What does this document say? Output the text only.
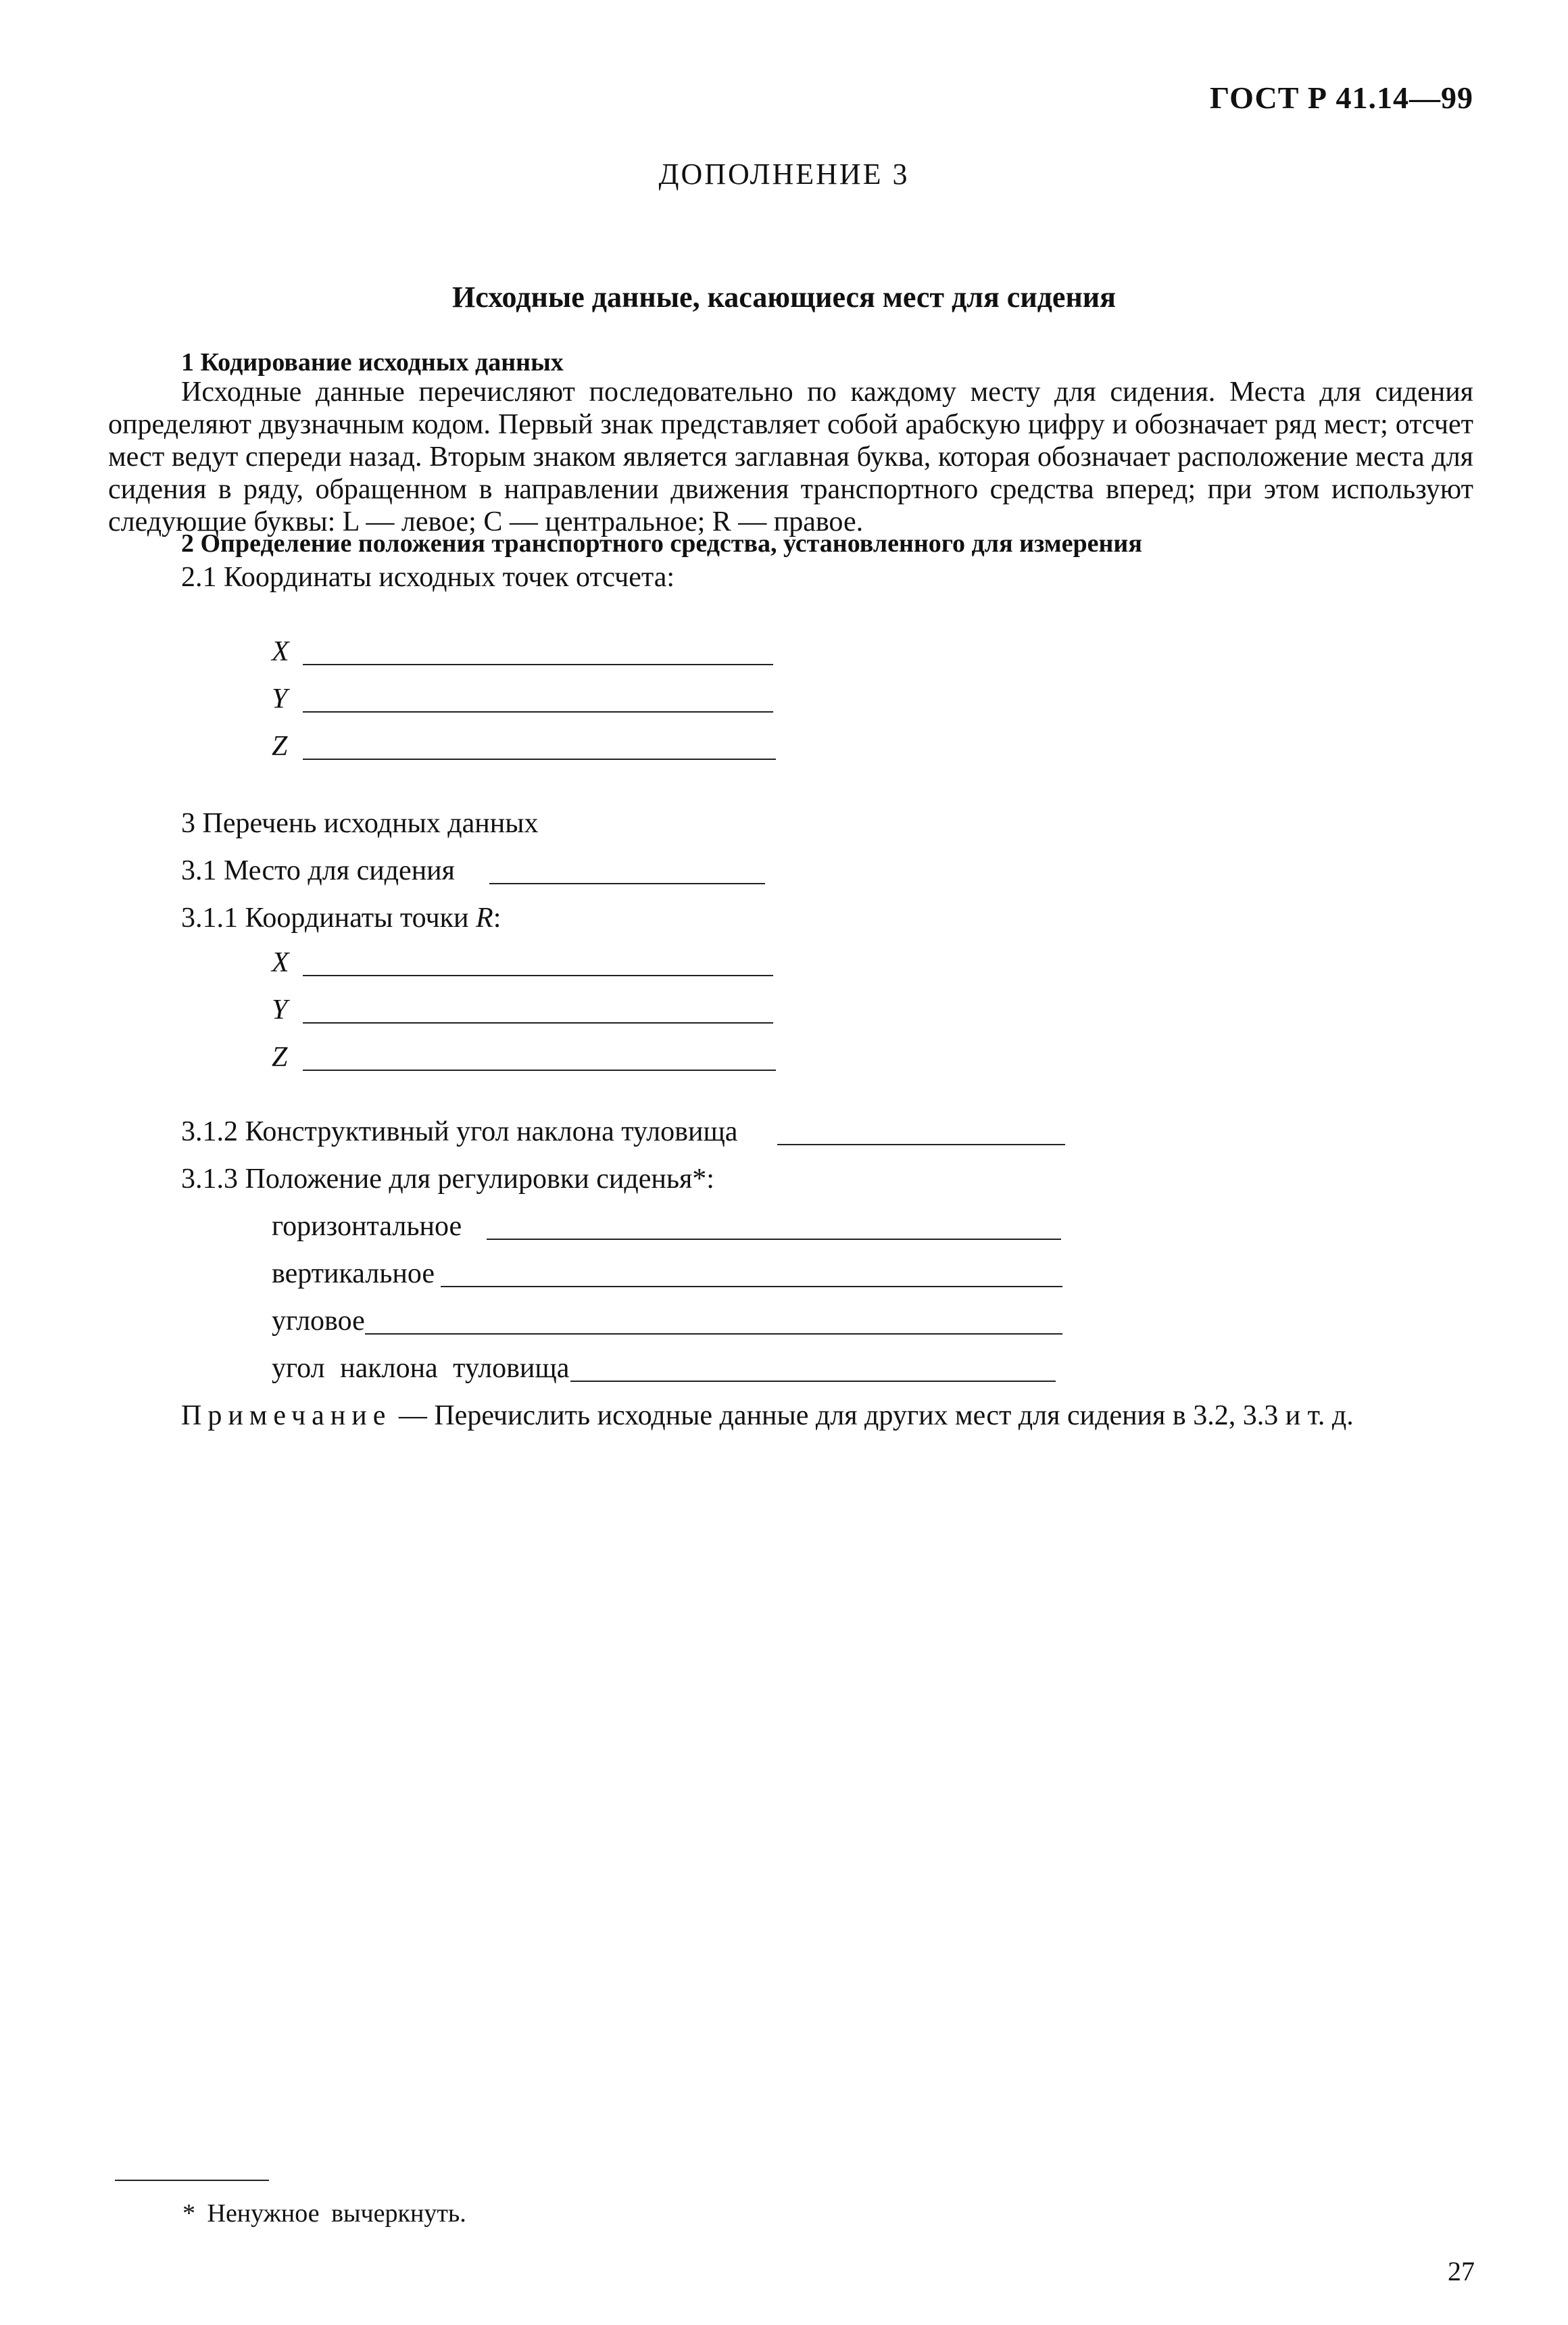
ГОСТ Р 41.14—99
ДОПОЛНЕНИЕ 3
Исходные данные, касающиеся мест для сидения
1 Кодирование исходных данных
Исходные данные перечисляют последовательно по каждому месту для сидения. Места для сидения определяют двузначным кодом. Первый знак представляет собой арабскую цифру и обозначает ряд мест; отсчет мест ведут спереди назад. Вторым знаком является заглавная буква, которая обозначает расположение места для сидения в ряду, обращенном в направлении движения транспортного средства вперед; при этом используют следующие буквы: L — левое; C — центральное; R — правое.
2 Определение положения транспортного средства, установленного для измерения
2.1 Координаты исходных точек отсчета:
X
Y
Z
3 Перечень исходных данных
3.1 Место для сидения
3.1.1 Координаты точки R:
X
Y
Z
3.1.2 Конструктивный угол наклона туловища
3.1.3 Положение для регулировки сиденья*:
горизонтальное
вертикальное
угловое
угол наклона туловища
Примечание — Перечислить исходные данные для других мест для сидения в 3.2, 3.3 и т. д.
* Ненужное вычеркнуть.
27
